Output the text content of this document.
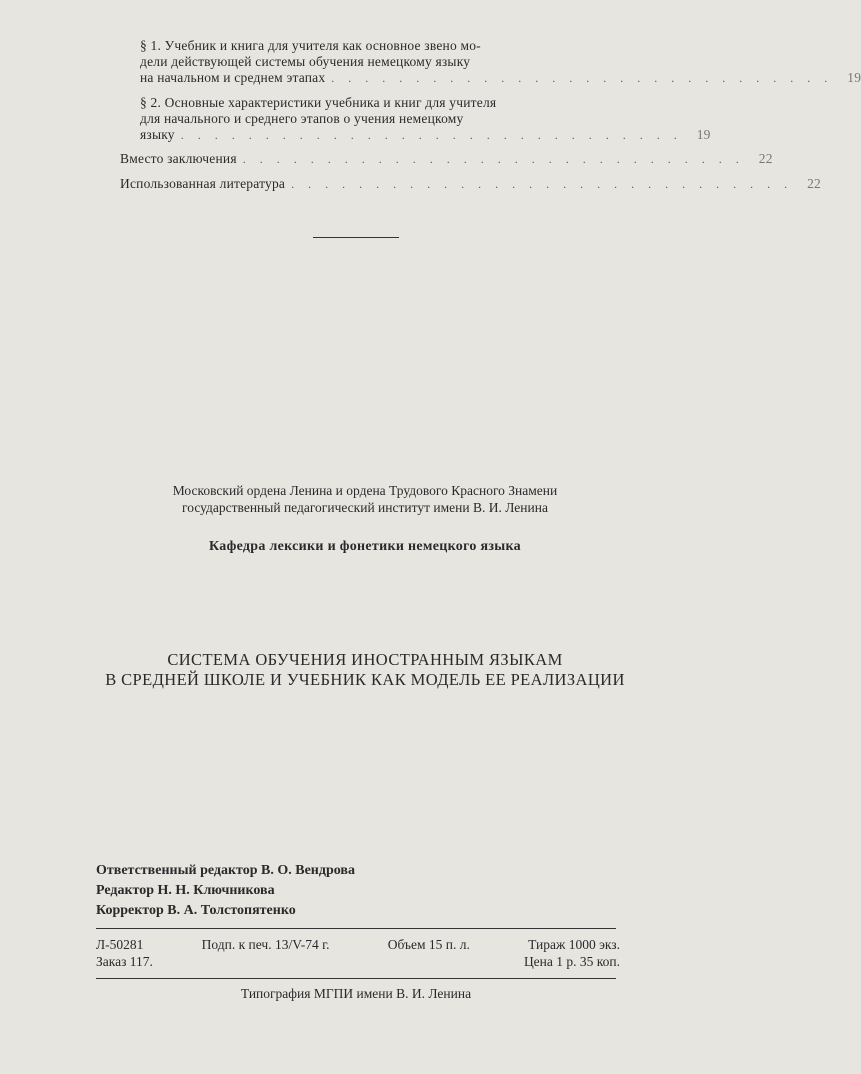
§ 1. Учебник и книга для учителя как основное звено мо-
дели действующей системы обучения немецкому языку
на начальном и среднем этапах .............................. 19
§ 2. Основные характеристики учебника и книг для учителя
для начального и среднего этапов о учения немецкому
языку .............................. 19
Вместо заключения .............................. 22
Использованная литература .............................. 22
Московский ордена Ленина и ордена Трудового Красного Знамени
государственный педагогический институт имени В. И. Ленина
Кафедра лексики и фонетики немецкого языка
СИСТЕМА ОБУЧЕНИЯ ИНОСТРАННЫМ ЯЗЫКАМ
В СРЕДНЕЙ ШКОЛЕ И УЧЕБНИК КАК МОДЕЛЬ ЕЕ РЕАЛИЗАЦИИ
Ответственный редактор В. О. Вендрова
Редактор Н. Н. Ключникова
Корректор В. А. Толстопятенко
Л-50281	Подп. к печ. 13/V-74 г.	Объем 15 п. л.	Тираж 1000 экз.
Заказ 117.	Цена 1 р. 35 коп.
Типография МГПИ имени В. И. Ленина
